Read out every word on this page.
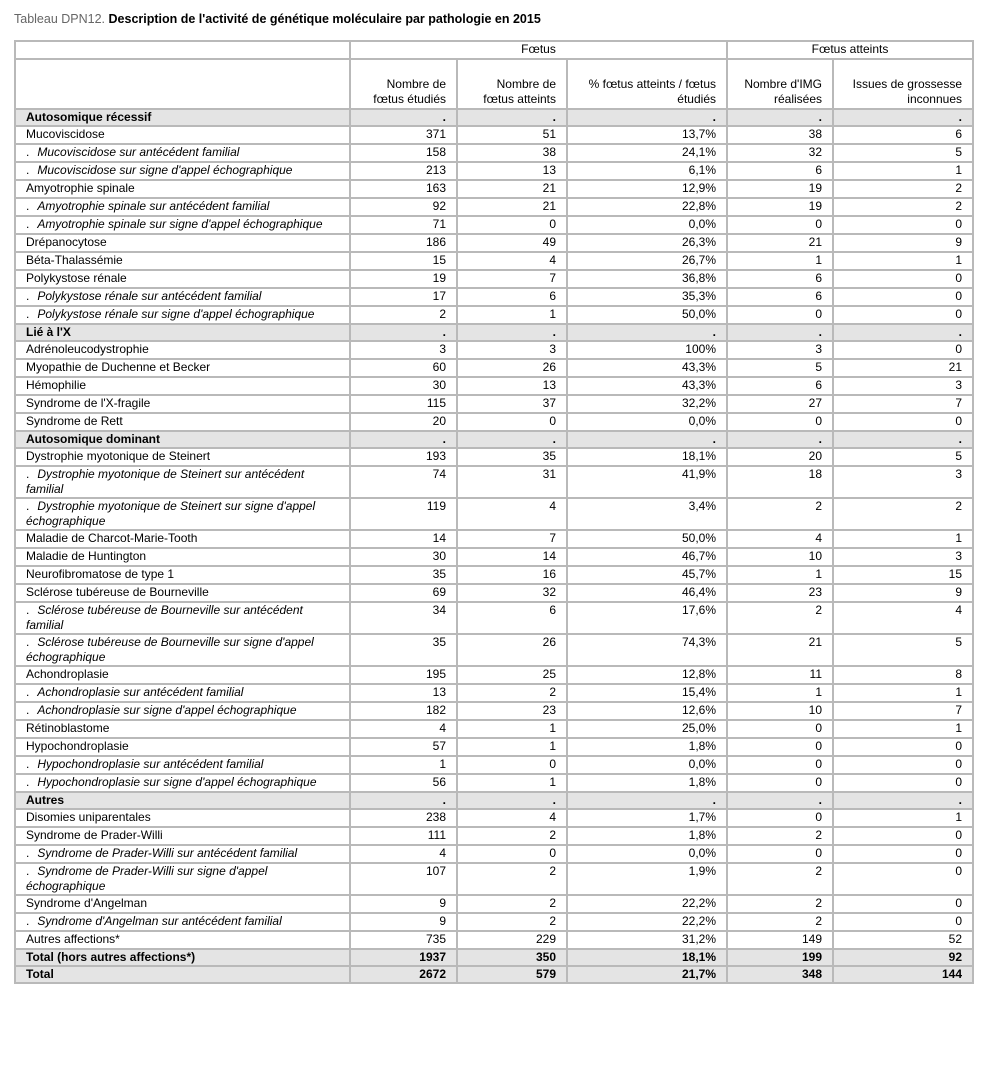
Tableau DPN12. Description de l'activité de génétique moléculaire par pathologie en 2015
	Fœtus			Fœtus atteints	
	Nombre de fœtus étudiés	Nombre de fœtus atteints	% fœtus atteints / fœtus étudiés	Nombre d'IMG réalisées	Issues de grossesse inconnues
Autosomique récessif	.	.	.	.	.
Mucoviscidose	371	51	13,7%	38	6
. Mucoviscidose sur antécédent familial	158	38	24,1%	32	5
. Mucoviscidose sur signe d'appel échographique	213	13	6,1%	6	1
Amyotrophie spinale	163	21	12,9%	19	2
. Amyotrophie spinale sur antécédent familial	92	21	22,8%	19	2
. Amyotrophie spinale sur signe d'appel échographique	71	0	0,0%	0	0
Drépanocytose	186	49	26,3%	21	9
Béta-Thalassémie	15	4	26,7%	1	1
Polykystose rénale	19	7	36,8%	6	0
. Polykystose rénale sur antécédent familial	17	6	35,3%	6	0
. Polykystose rénale sur signe d'appel échographique	2	1	50,0%	0	0
Lié à l'X	.	.	.	.	.
Adrénoleucodystrophie	3	3	100%	3	0
Myopathie de Duchenne et Becker	60	26	43,3%	5	21
Hémophilie	30	13	43,3%	6	3
Syndrome de l'X-fragile	115	37	32,2%	27	7
Syndrome de Rett	20	0	0,0%	0	0
Autosomique dominant	.	.	.	.	.
Dystrophie myotonique de Steinert	193	35	18,1%	20	5
. Dystrophie myotonique de Steinert sur antécédent familial	74	31	41,9%	18	3
. Dystrophie myotonique de Steinert sur signe d'appel échographique	119	4	3,4%	2	2
Maladie de Charcot-Marie-Tooth	14	7	50,0%	4	1
Maladie de Huntington	30	14	46,7%	10	3
Neurofibromatose de type 1	35	16	45,7%	1	15
Sclérose tubéreuse de Bourneville	69	32	46,4%	23	9
. Sclérose tubéreuse de Bourneville sur antécédent familial	34	6	17,6%	2	4
. Sclérose tubéreuse de Bourneville sur signe d'appel échographique	35	26	74,3%	21	5
Achondroplasie	195	25	12,8%	11	8
. Achondroplasie sur antécédent familial	13	2	15,4%	1	1
. Achondroplasie sur signe d'appel échographique	182	23	12,6%	10	7
Rétinoblastome	4	1	25,0%	0	1
Hypochondroplasie	57	1	1,8%	0	0
. Hypochondroplasie sur antécédent familial	1	0	0,0%	0	0
. Hypochondroplasie sur signe d'appel échographique	56	1	1,8%	0	0
Autres	.	.	.	.	.
Disomies uniparentales	238	4	1,7%	0	1
Syndrome de Prader-Willi	111	2	1,8%	2	0
. Syndrome de Prader-Willi sur antécédent familial	4	0	0,0%	0	0
. Syndrome de Prader-Willi sur signe d'appel échographique	107	2	1,9%	2	0
Syndrome d'Angelman	9	2	22,2%	2	0
. Syndrome d'Angelman sur antécédent familial	9	2	22,2%	2	0
Autres affections*	735	229	31,2%	149	52
Total (hors autres affections*)	1937	350	18,1%	199	92
Total	2672	579	21,7%	348	144
